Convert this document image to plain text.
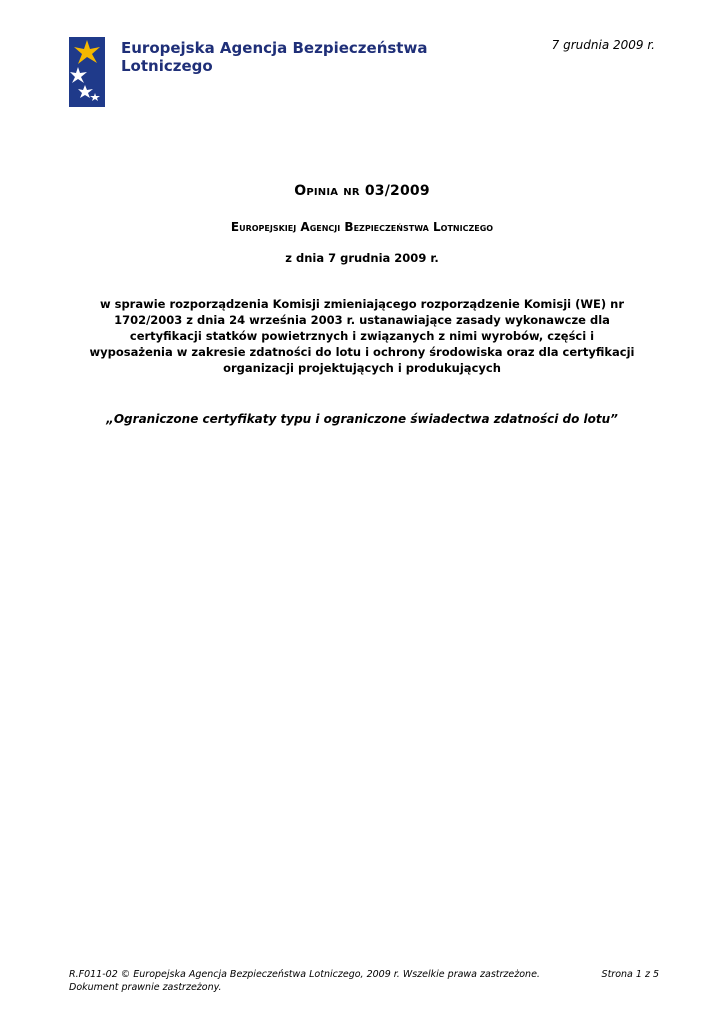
Europejska Agencja Bezpieczeństwa
Lotniczego
7 grudnia 2009 r.
Opinia nr 03/2009
Europejskiej Agencji Bezpieczeństwa Lotniczego
z dnia 7 grudnia 2009 r.
w sprawie rozporządzenia Komisji zmieniającego rozporządzenie Komisji (WE) nr
1702/2003 z dnia 24 września 2003 r. ustanawiające zasady wykonawcze dla
certyfikacji statków powietrznych i związanych z nimi wyrobów, części i
wyposażenia w zakresie zdatności do lotu i ochrony środowiska oraz dla certyfikacji
organizacji projektujących i produkujących
„Ograniczone certyfikaty typu i ograniczone świadectwa zdatności do lotu”
R.F011-02 © Europejska Agencja Bezpieczeństwa Lotniczego, 2009 r. Wszelkie prawa zastrzeżone.	Strona 1 z 5
Dokument prawnie zastrzeżony.
